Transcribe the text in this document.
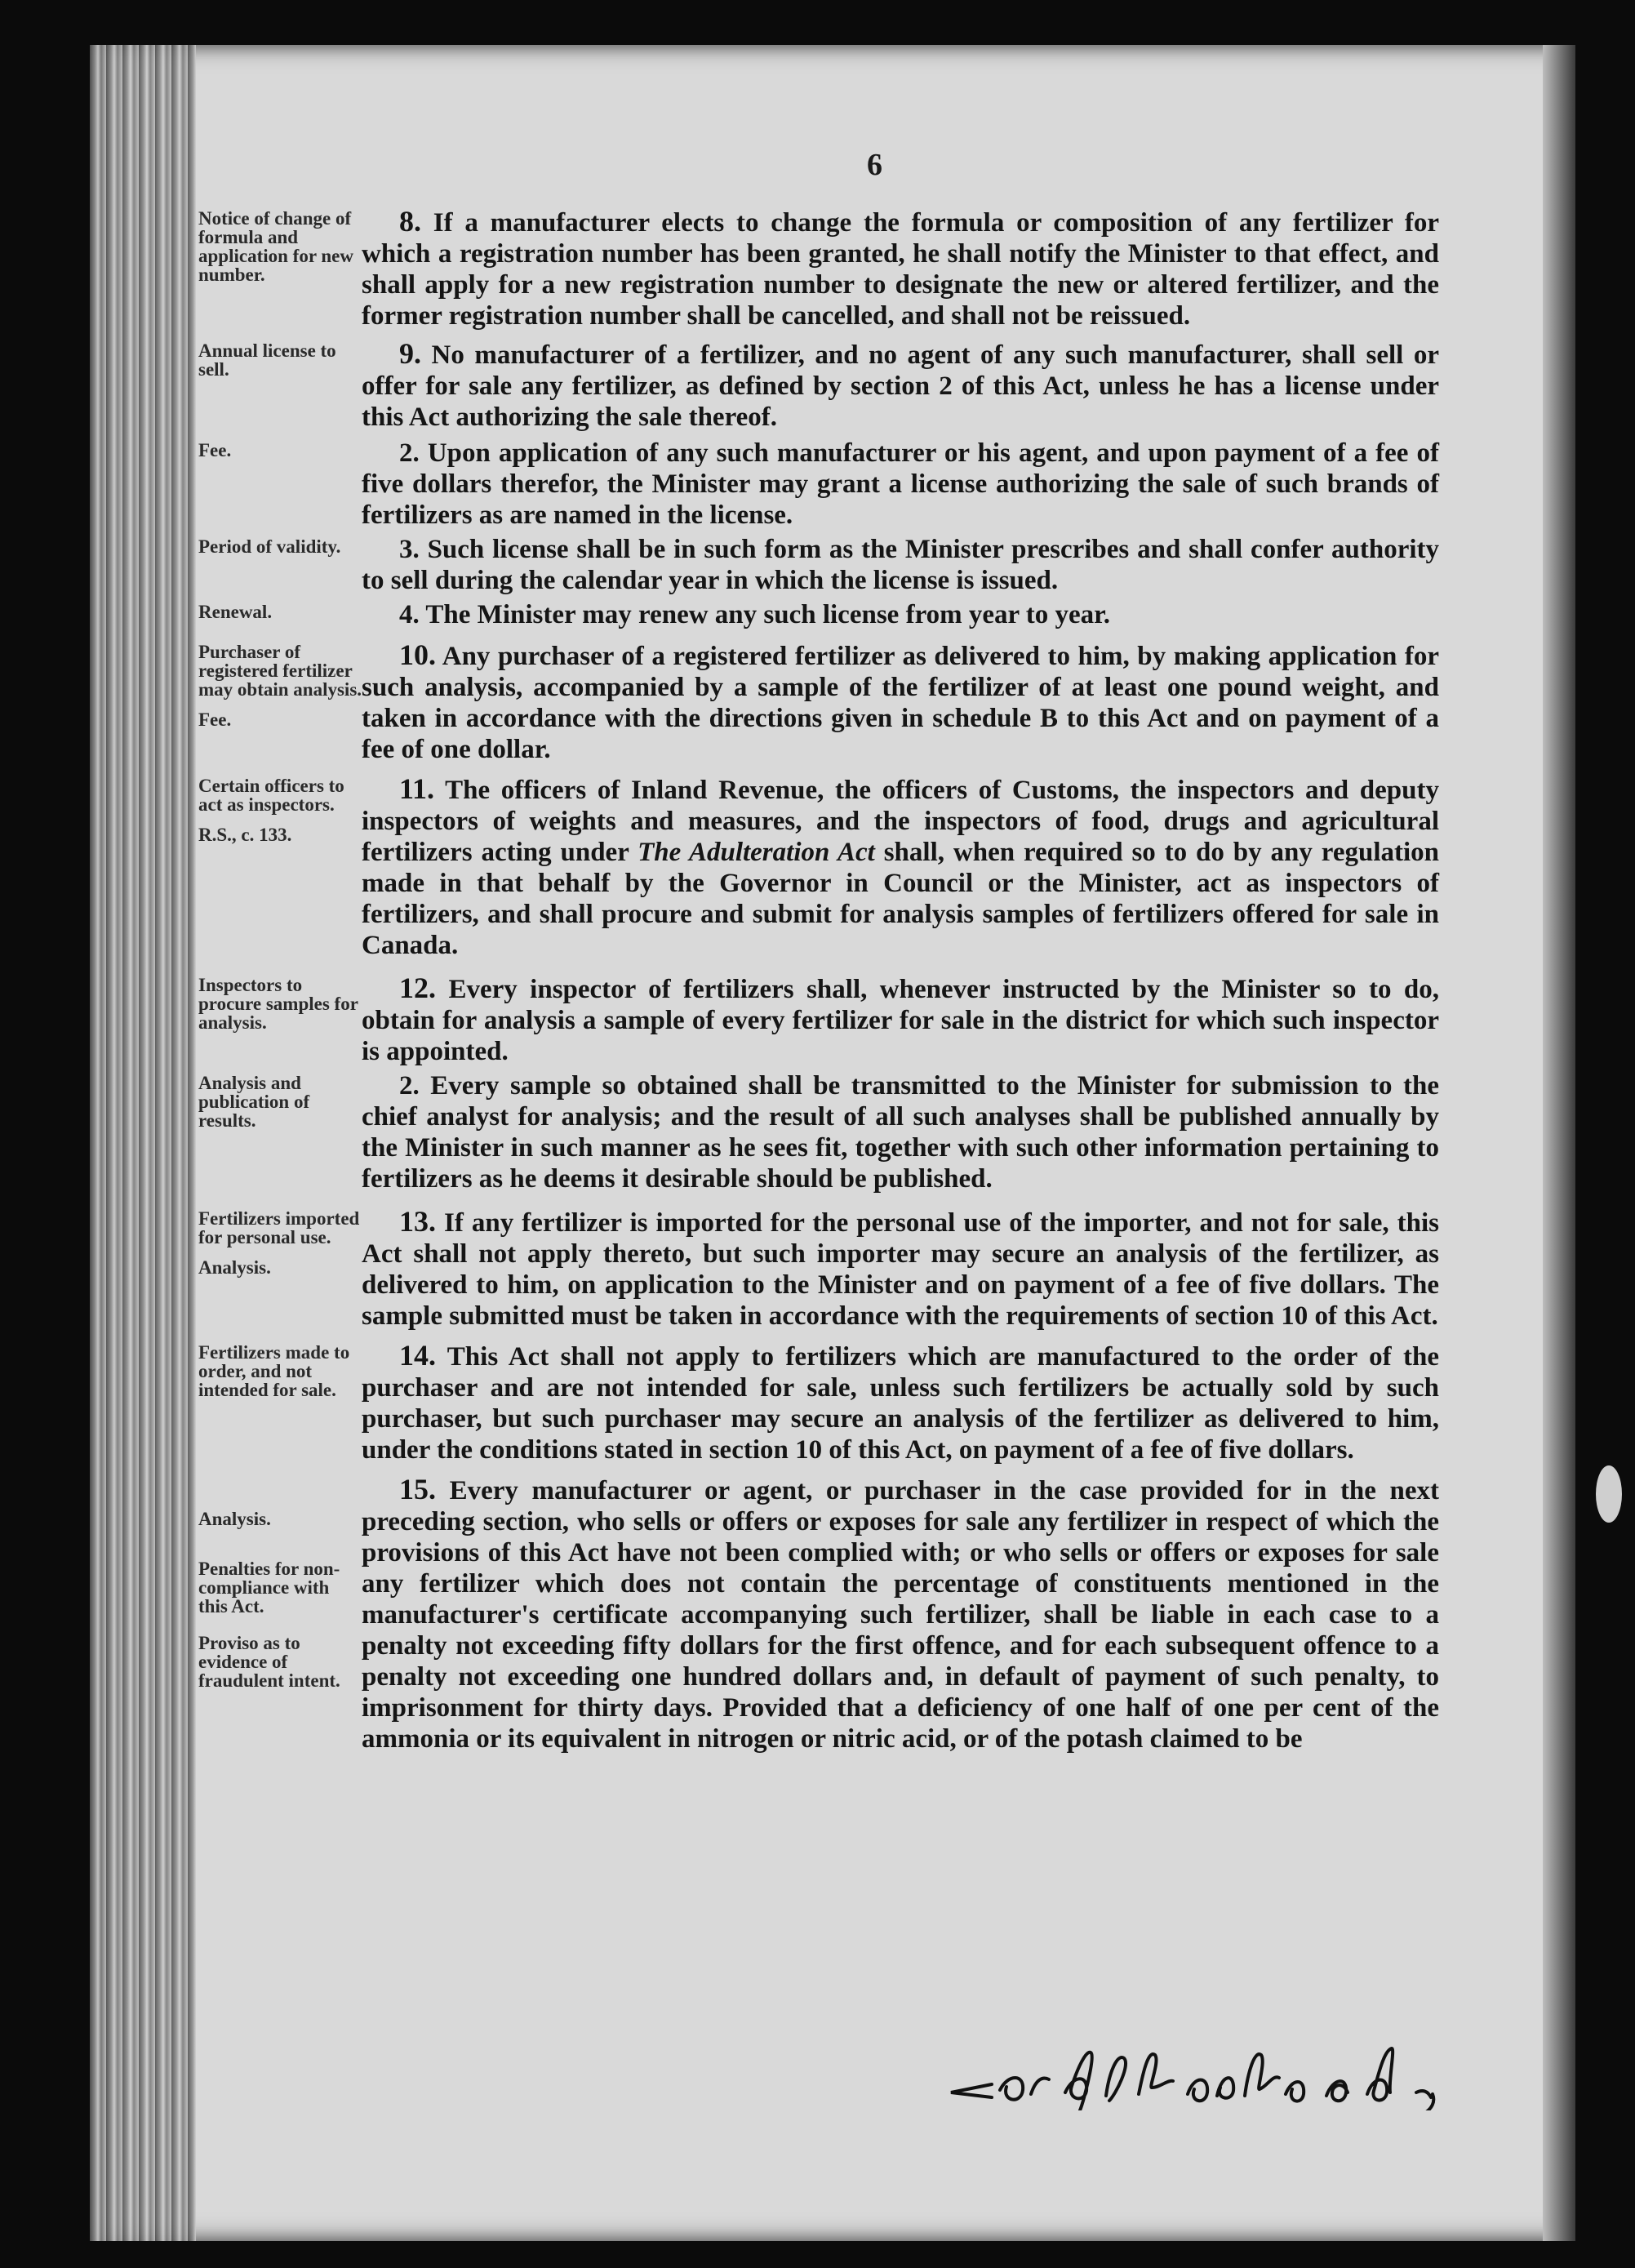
6
Notice of change of formula and application for new number.
8. If a manufacturer elects to change the formula or composition of any fertilizer for which a registration number has been granted, he shall notify the Minister to that effect, and shall apply for a new registration number to designate the new or altered fertilizer, and the former registration number shall be cancelled, and shall not be reissued.
Annual license to sell.	9. No manufacturer of a fertilizer, and no agent of any such manufacturer, shall sell or offer for sale any fertilizer, as defined by section 2 of this Act, unless he has a license under this Act authorizing the sale thereof.
Fee.	2. Upon application of any such manufacturer or his agent, and upon payment of a fee of five dollars therefor, the Minister may grant a license authorizing the sale of such brands of fertilizers as are named in the license.
Period of validity.	3. Such license shall be in such form as the Minister prescribes and shall confer authority to sell during the calendar year in which the license is issued.
Renewal.	4. The Minister may renew any such license from year to year.
Purchaser of registered fertilizer may obtain analysis.
Fee.
10. Any purchaser of a registered fertilizer as delivered to him, by making application for such analysis, accompanied by a sample of the fertilizer of at least one pound weight, and taken in accordance with the directions given in schedule B to this Act and on payment of a fee of one dollar.
Certain officers to act as inspectors.
R.S., c. 133.
11. The officers of Inland Revenue, the officers of Customs, the inspectors and deputy inspectors of weights and measures, and the inspectors of food, drugs and agricultural fertilizers acting under The Adulteration Act shall, when required so to do by any regulation made in that behalf by the Governor in Council or the Minister, act as inspectors of fertilizers, and shall procure and submit for analysis samples of fertilizers offered for sale in Canada.
Inspectors to procure samples for analysis.
12. Every inspector of fertilizers shall, whenever instructed by the Minister so to do, obtain for analysis a sample of every fertilizer for sale in the district for which such inspector is appointed.
Analysis and publication of results.
2. Every sample so obtained shall be transmitted to the Minister for submission to the chief analyst for analysis; and the result of all such analyses shall be published annually by the Minister in such manner as he sees fit, together with such other information pertaining to fertilizers as he deems it desirable should be published.
Fertilizers imported for personal use.
Analysis.
13. If any fertilizer is imported for the personal use of the importer, and not for sale, this Act shall not apply thereto, but such importer may secure an analysis of the fertilizer, as delivered to him, on application to the Minister and on payment of a fee of five dollars. The sample submitted must be taken in accordance with the requirements of section 10 of this Act.
Fertilizers made to order, and not intended for sale.
14. This Act shall not apply to fertilizers which are manufactured to the order of the purchaser and are not intended for sale, unless such fertilizers be actually sold by such purchaser, but such purchaser may secure an analysis of the fertilizer as delivered to him, under the conditions stated in section 10 of this Act, on payment of a fee of five dollars.
Analysis.
Penalties for non-compliance with this Act.
Proviso as to evidence of fraudulent intent.
15. Every manufacturer or agent, or purchaser in the case provided for in the next preceding section, who sells or offers or exposes for sale any fertilizer in respect of which the provisions of this Act have not been complied with; or who sells or offers or exposes for sale any fertilizer which does not contain the percentage of constituents mentioned in the manufacturer's certificate accompanying such fertilizer, shall be liable in each case to a penalty not exceeding fifty dollars for the first offence, and for each subsequent offence to a penalty not exceeding one hundred dollars and, in default of payment of such penalty, to imprisonment for thirty days. Provided that a deficiency of one half of one per cent of the ammonia or its equivalent in nitrogen or nitric acid, or of the potash claimed to be
